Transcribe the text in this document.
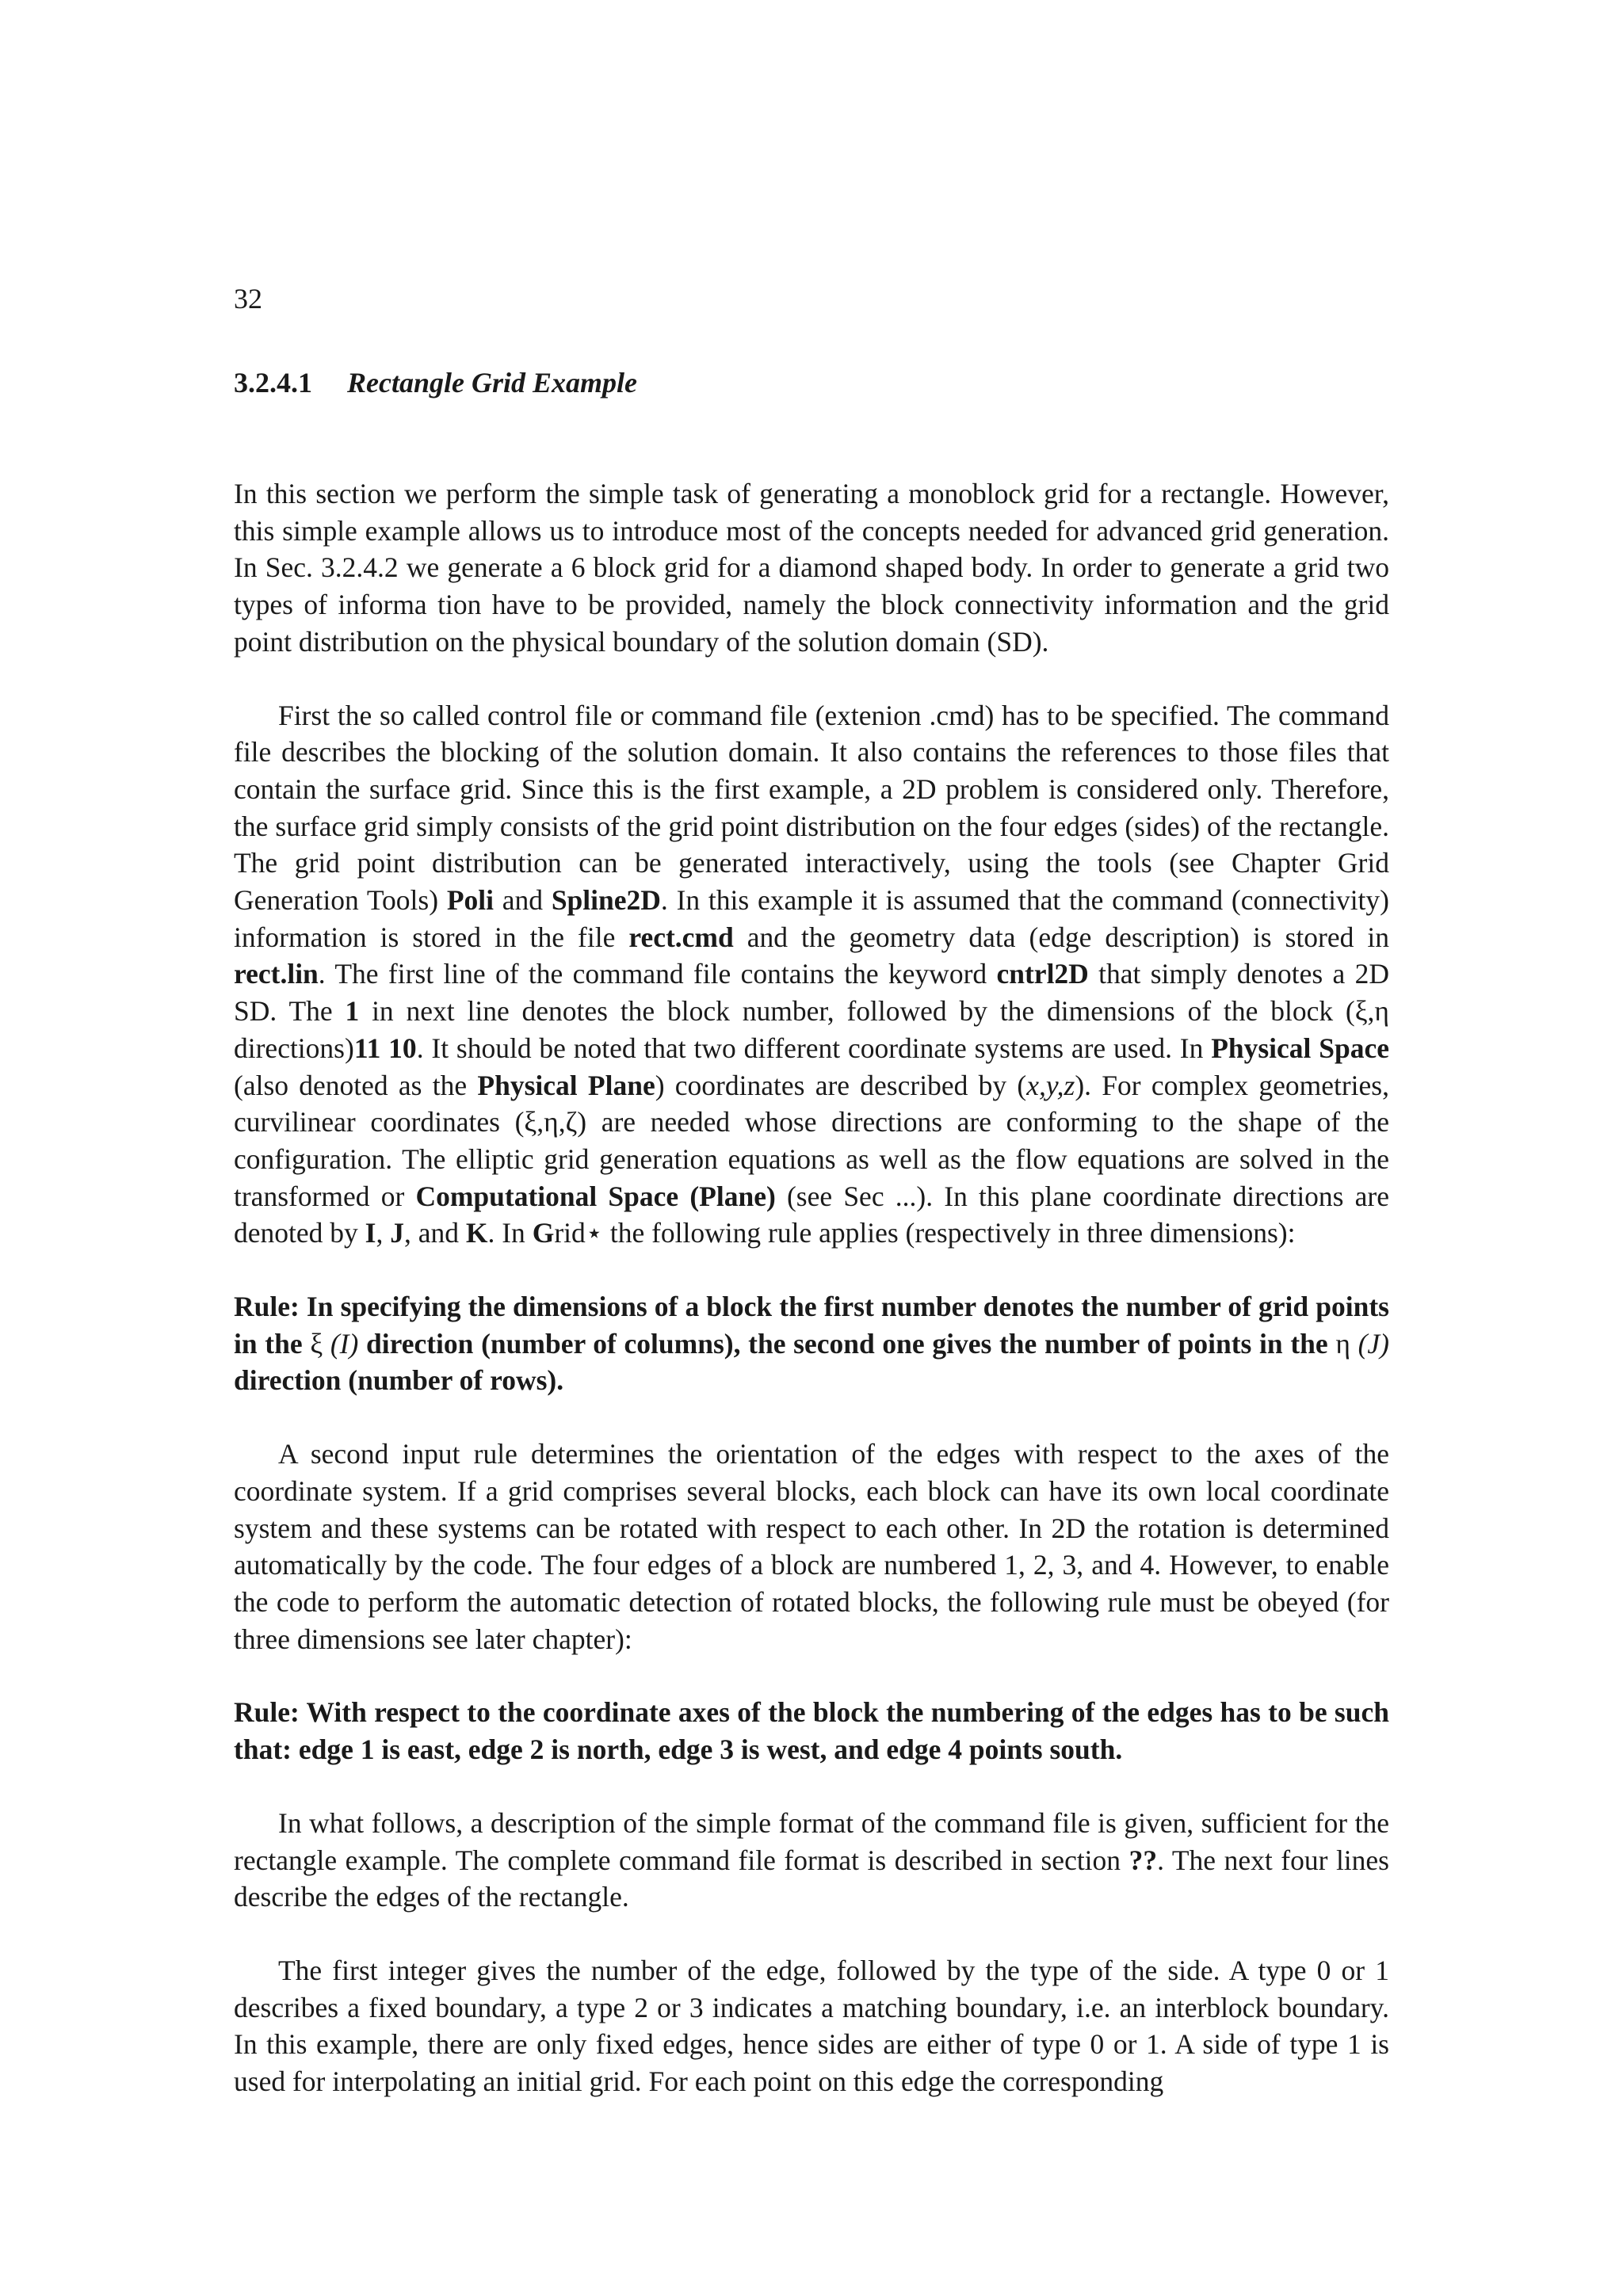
32
3.2.4.1 Rectangle Grid Example

In this section we perform the simple task of generating a monoblock grid for a rectangle. However, this simple example allows us to introduce most of the concepts needed for advanced grid generation. In Sec. 3.2.4.2 we generate a 6 block grid for a diamond shaped body. In order to generate a grid two types of informa tion have to be provided, namely the block connectivity information and the grid point distribution on the physical boundary of the solution domain (SD).

First the so called control file or command file (extenion .cmd) has to be specified. The command file describes the blocking of the solution domain. It also contains the references to those files that contain the surface grid. Since this is the first example, a 2D problem is considered only. Therefore, the surface grid simply consists of the grid point distribution on the four edges (sides) of the rectangle. The grid point distribution can be generated interactively, using the tools (see Chapter Grid Generation Tools) Poli and Spline2D. In this example it is assumed that the command (connectivity) information is stored in the file rect.cmd and the geometry data (edge description) is stored in rect.lin. The first line of the command file contains the keyword cntrl2D that simply denotes a 2D SD. The 1 in next line denotes the block number, followed by the dimensions of the block (ξ,η directions)11 10. It should be noted that two different coordinate systems are used. In Physical Space (also denoted as the Physical Plane) coordinates are described by (x,y,z). For complex geometries, curvilinear coordinates (ξ,η,ζ) are needed whose directions are conforming to the shape of the configuration. The elliptic grid generation equations as well as the flow equations are solved in the transformed or Computational Space (Plane) (see Sec ...). In this plane coordinate directions are denoted by I, J, and K. In Grid⋆ the following rule applies (respectively in three dimensions):

Rule: In specifying the dimensions of a block the first number denotes the number of grid points in the ξ (I) direction (number of columns), the second one gives the number of points in the η (J) direction (number of rows).

A second input rule determines the orientation of the edges with respect to the axes of the coordinate system. If a grid comprises several blocks, each block can have its own local coordinate system and these systems can be rotated with respect to each other. In 2D the rotation is determined automatically by the code. The four edges of a block are numbered 1, 2, 3, and 4. However, to enable the code to perform the automatic detection of rotated blocks, the following rule must be obeyed (for three dimensions see later chapter):

Rule: With respect to the coordinate axes of the block the numbering of the edges has to be such that: edge 1 is east, edge 2 is north, edge 3 is west, and edge 4 points south.

In what follows, a description of the simple format of the command file is given, sufficient for the rectangle example. The complete command file format is described in section ??. The next four lines describe the edges of the rectangle.

The first integer gives the number of the edge, followed by the type of the side. A type 0 or 1 describes a fixed boundary, a type 2 or 3 indicates a matching boundary, i.e. an interblock boundary. In this example, there are only fixed edges, hence sides are either of type 0 or 1. A side of type 1 is used for interpolating an initial grid. For each point on this edge the corresponding
